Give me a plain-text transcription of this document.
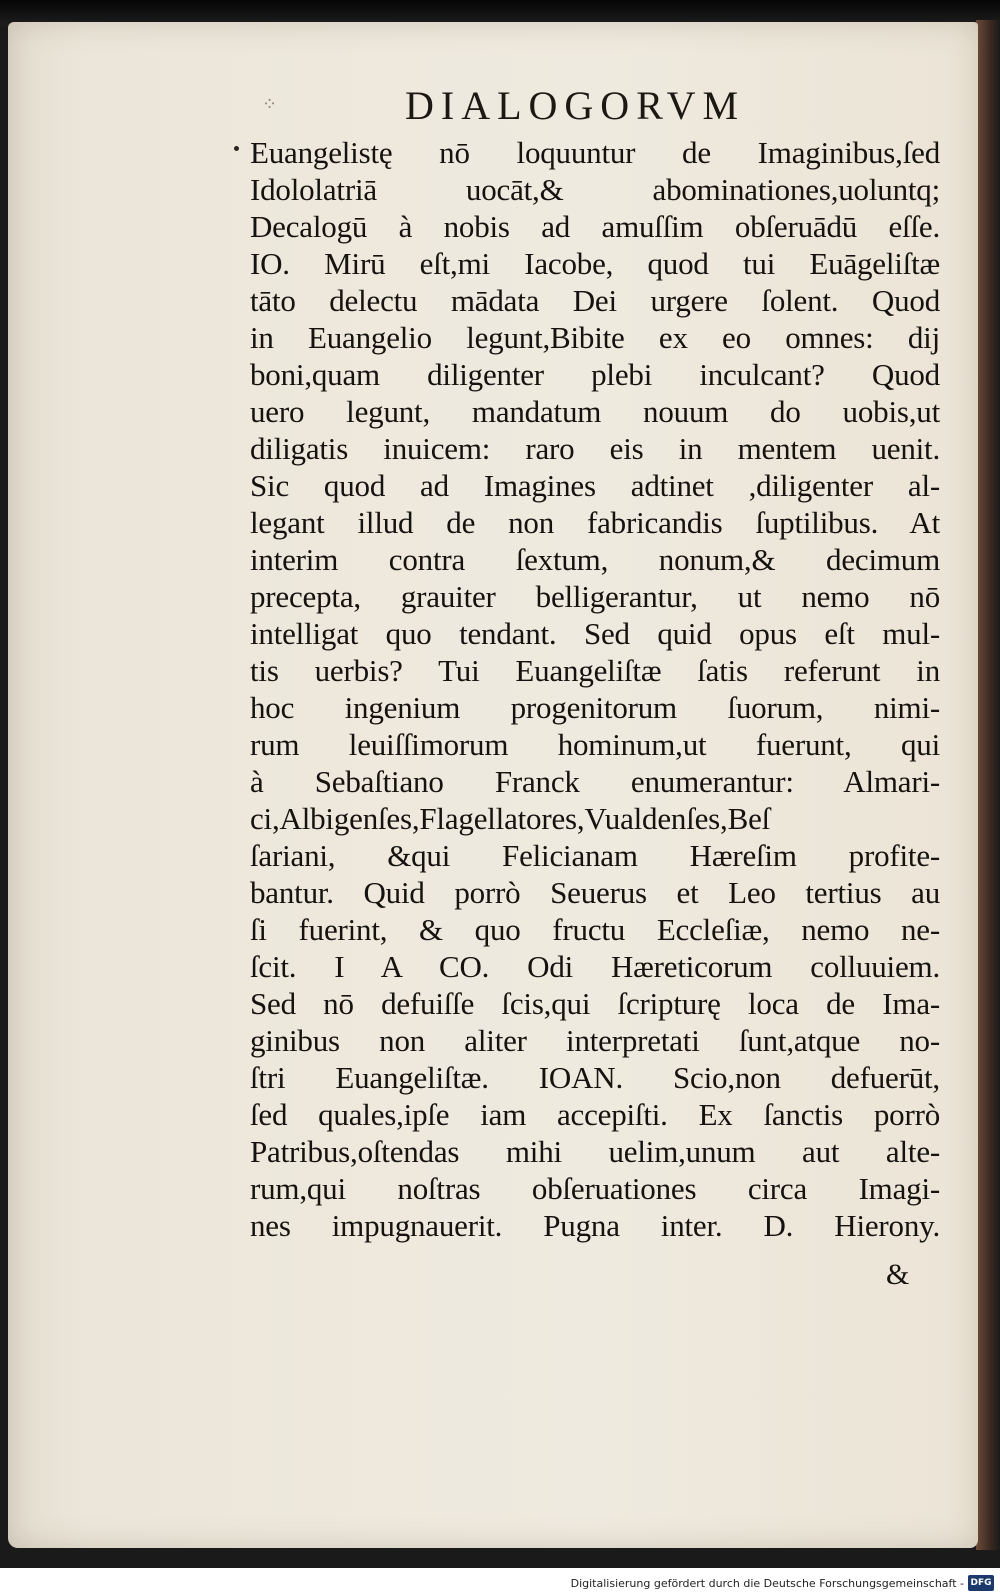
⁘	DIALOGORVM
Euangelistę nō loquuntur de Imaginibus,ſed
Idololatriā uocāt,& abominationes,uoluntq;
Decalogū à nobis ad amuſſim obſeruādū eſſe.
IO. Mirū eſt,mi Iacobe, quod tui Euāgeliſtæ
tāto delectu mādata Dei urgere ſolent. Quod
in Euangelio legunt,Bibite ex eo omnes: dij
boni,quam diligenter plebi inculcant? Quod
uero legunt, mandatum nouum do uobis,ut
diligatis inuicem: raro eis in mentem uenit.
Sic quod ad Imagines adtinet ,diligenter al-
legant illud de non fabricandis ſuptilibus. At
interim contra ſextum, nonum,& decimum
precepta, grauiter belligerantur, ut nemo nō
intelligat quo tendant. Sed quid opus eſt mul-
tis uerbis? Tui Euangeliſtæ ſatis referunt in
hoc ingenium progenitorum ſuorum, nimi-
rum leuiſſimorum hominum,ut fuerunt, qui
à Sebaſtiano Franck enumerantur: Almari-
ci,Albigenſes,Flagellatores,Vualdenſes,Beſ
ſariani, &qui Felicianam Hæreſim profite-
bantur. Quid porrò Seuerus et Leo tertius au
ſi fuerint, & quo fructu Eccleſiæ, nemo ne-
ſcit. I A CO. Odi Hæreticorum colluuiem.
Sed nō defuiſſe ſcis,qui ſcripturę loca de Ima-
ginibus non aliter interpretati ſunt,atque no-
ſtri Euangeliſtæ. IOAN. Scio,non defuerūt,
ſed quales,ipſe iam accepiſti. Ex ſanctis porrò
Patribus,oſtendas mihi uelim,unum aut alte-
rum,qui noſtras obſeruationes circa Imagi-
nes impugnauerit. Pugna inter. D. Hierony.
&
Digitalisierung gefördert durch die Deutsche Forschungsgemeinschaft - DFG
